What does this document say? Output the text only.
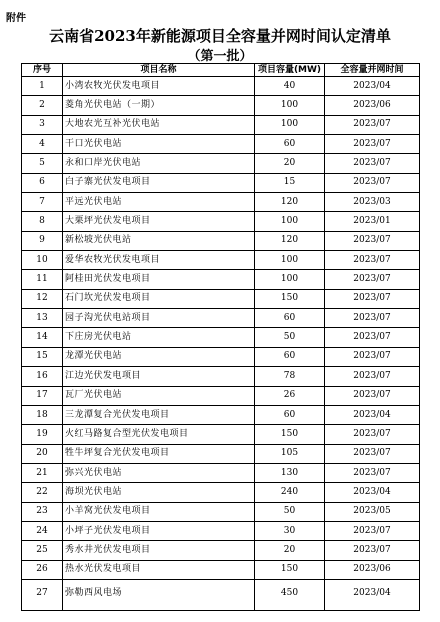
附件
云南省2023年新能源项目全容量并网时间认定清单
（第一批）
序号	项目名称	项目容量(MW)	全容量并网时间
1	小湾农牧光伏发电项目	40	2023/04
2	菱角光伏电站（一期）	100	2023/06
3	大地农光互补光伏电站	100	2023/07
4	干口光伏电站	60	2023/07
5	永和口岸光伏电站	20	2023/07
6	白子寨光伏发电项目	15	2023/07
7	平远光伏电站	120	2023/03
8	大栗坪光伏发电项目	100	2023/01
9	新松坡光伏电站	120	2023/07
10	爱华农牧光伏发电项目	100	2023/07
11	阿桂田光伏发电项目	100	2023/07
12	石门坎光伏发电项目	150	2023/07
13	园子沟光伏电站项目	60	2023/07
14	下庄房光伏电站	50	2023/07
15	龙潭光伏电站	60	2023/07
16	江边光伏发电项目	78	2023/07
17	瓦厂光伏电站	26	2023/07
18	三龙潭复合光伏发电项目	60	2023/04
19	火红马路复合型光伏发电项目	150	2023/07
20	牲牛坪复合光伏发电项目	105	2023/07
21	弥兴光伏电站	130	2023/07
22	海坝光伏电站	240	2023/04
23	小羊窝光伏发电项目	50	2023/05
24	小坪子光伏发电项目	30	2023/07
25	秀水井光伏发电项目	20	2023/07
26	热水光伏发电项目	150	2023/06
27	弥勒西风电场	450	2023/04
